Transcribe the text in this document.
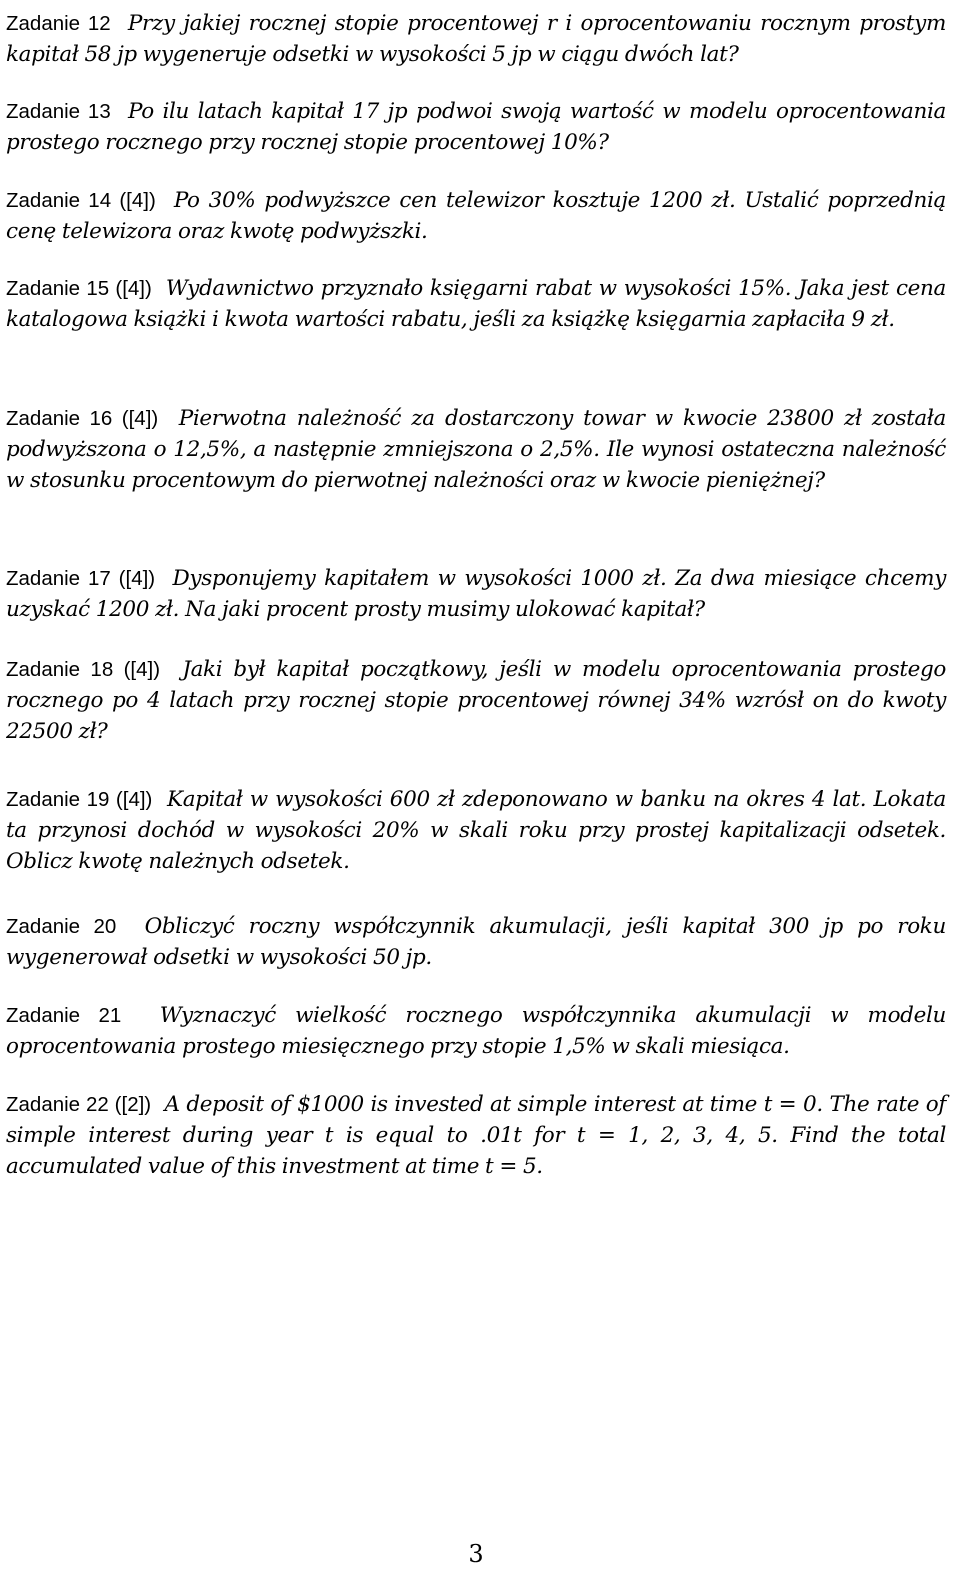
Zadanie 12 Przy jakiej rocznej stopie procentowej r i oprocentowaniu rocznym prostym kapitał 58 jp wygeneruje odsetki w wysokości 5 jp w ciągu dwóch lat?

Zadanie 13 Po ilu latach kapitał 17 jp podwoi swoją wartość w modelu oprocentowania prostego rocznego przy rocznej stopie procentowej 10%?

Zadanie 14 ([4]) Po 30% podwyższce cen telewizor kosztuje 1200 zł. Ustalić poprzednią cenę telewizora oraz kwotę podwyższki.

Zadanie 15 ([4]) Wydawnictwo przyznało księgarni rabat w wysokości 15%. Jaka jest cena katalogowa książki i kwota wartości rabatu, jeśli za książkę księgarnia zapłaciła 9 zł.

Zadanie 16 ([4]) Pierwotna należność za dostarczony towar w kwocie 23800 zł została podwyższona o 12,5%, a następnie zmniejszona o 2,5%. Ile wynosi ostateczna należność w stosunku procentowym do pierwotnej należności oraz w kwocie pieniężnej?

Zadanie 17 ([4]) Dysponujemy kapitałem w wysokości 1000 zł. Za dwa miesiące chcemy uzyskać 1200 zł. Na jaki procent prosty musimy ulokować kapitał?

Zadanie 18 ([4]) Jaki był kapitał początkowy, jeśli w modelu oprocentowania prostego rocznego po 4 latach przy rocznej stopie procentowej równej 34% wzrósł on do kwoty 22500 zł?

Zadanie 19 ([4]) Kapitał w wysokości 600 zł zdeponowano w banku na okres 4 lat. Lokata ta przynosi dochód w wysokości 20% w skali roku przy prostej kapitalizacji odsetek. Oblicz kwotę należnych odsetek.

Zadanie 20 Obliczyć roczny współczynnik akumulacji, jeśli kapitał 300 jp po roku wygenerował odsetki w wysokości 50 jp.

Zadanie 21 Wyznaczyć wielkość rocznego współczynnika akumulacji w modelu oprocentowania prostego miesięcznego przy stopie 1,5% w skali miesiąca.

Zadanie 22 ([2]) A deposit of $1000 is invested at simple interest at time t = 0. The rate of simple interest during year t is equal to .01t for t = 1, 2, 3, 4, 5. Find the total accumulated value of this investment at time t = 5.

3
